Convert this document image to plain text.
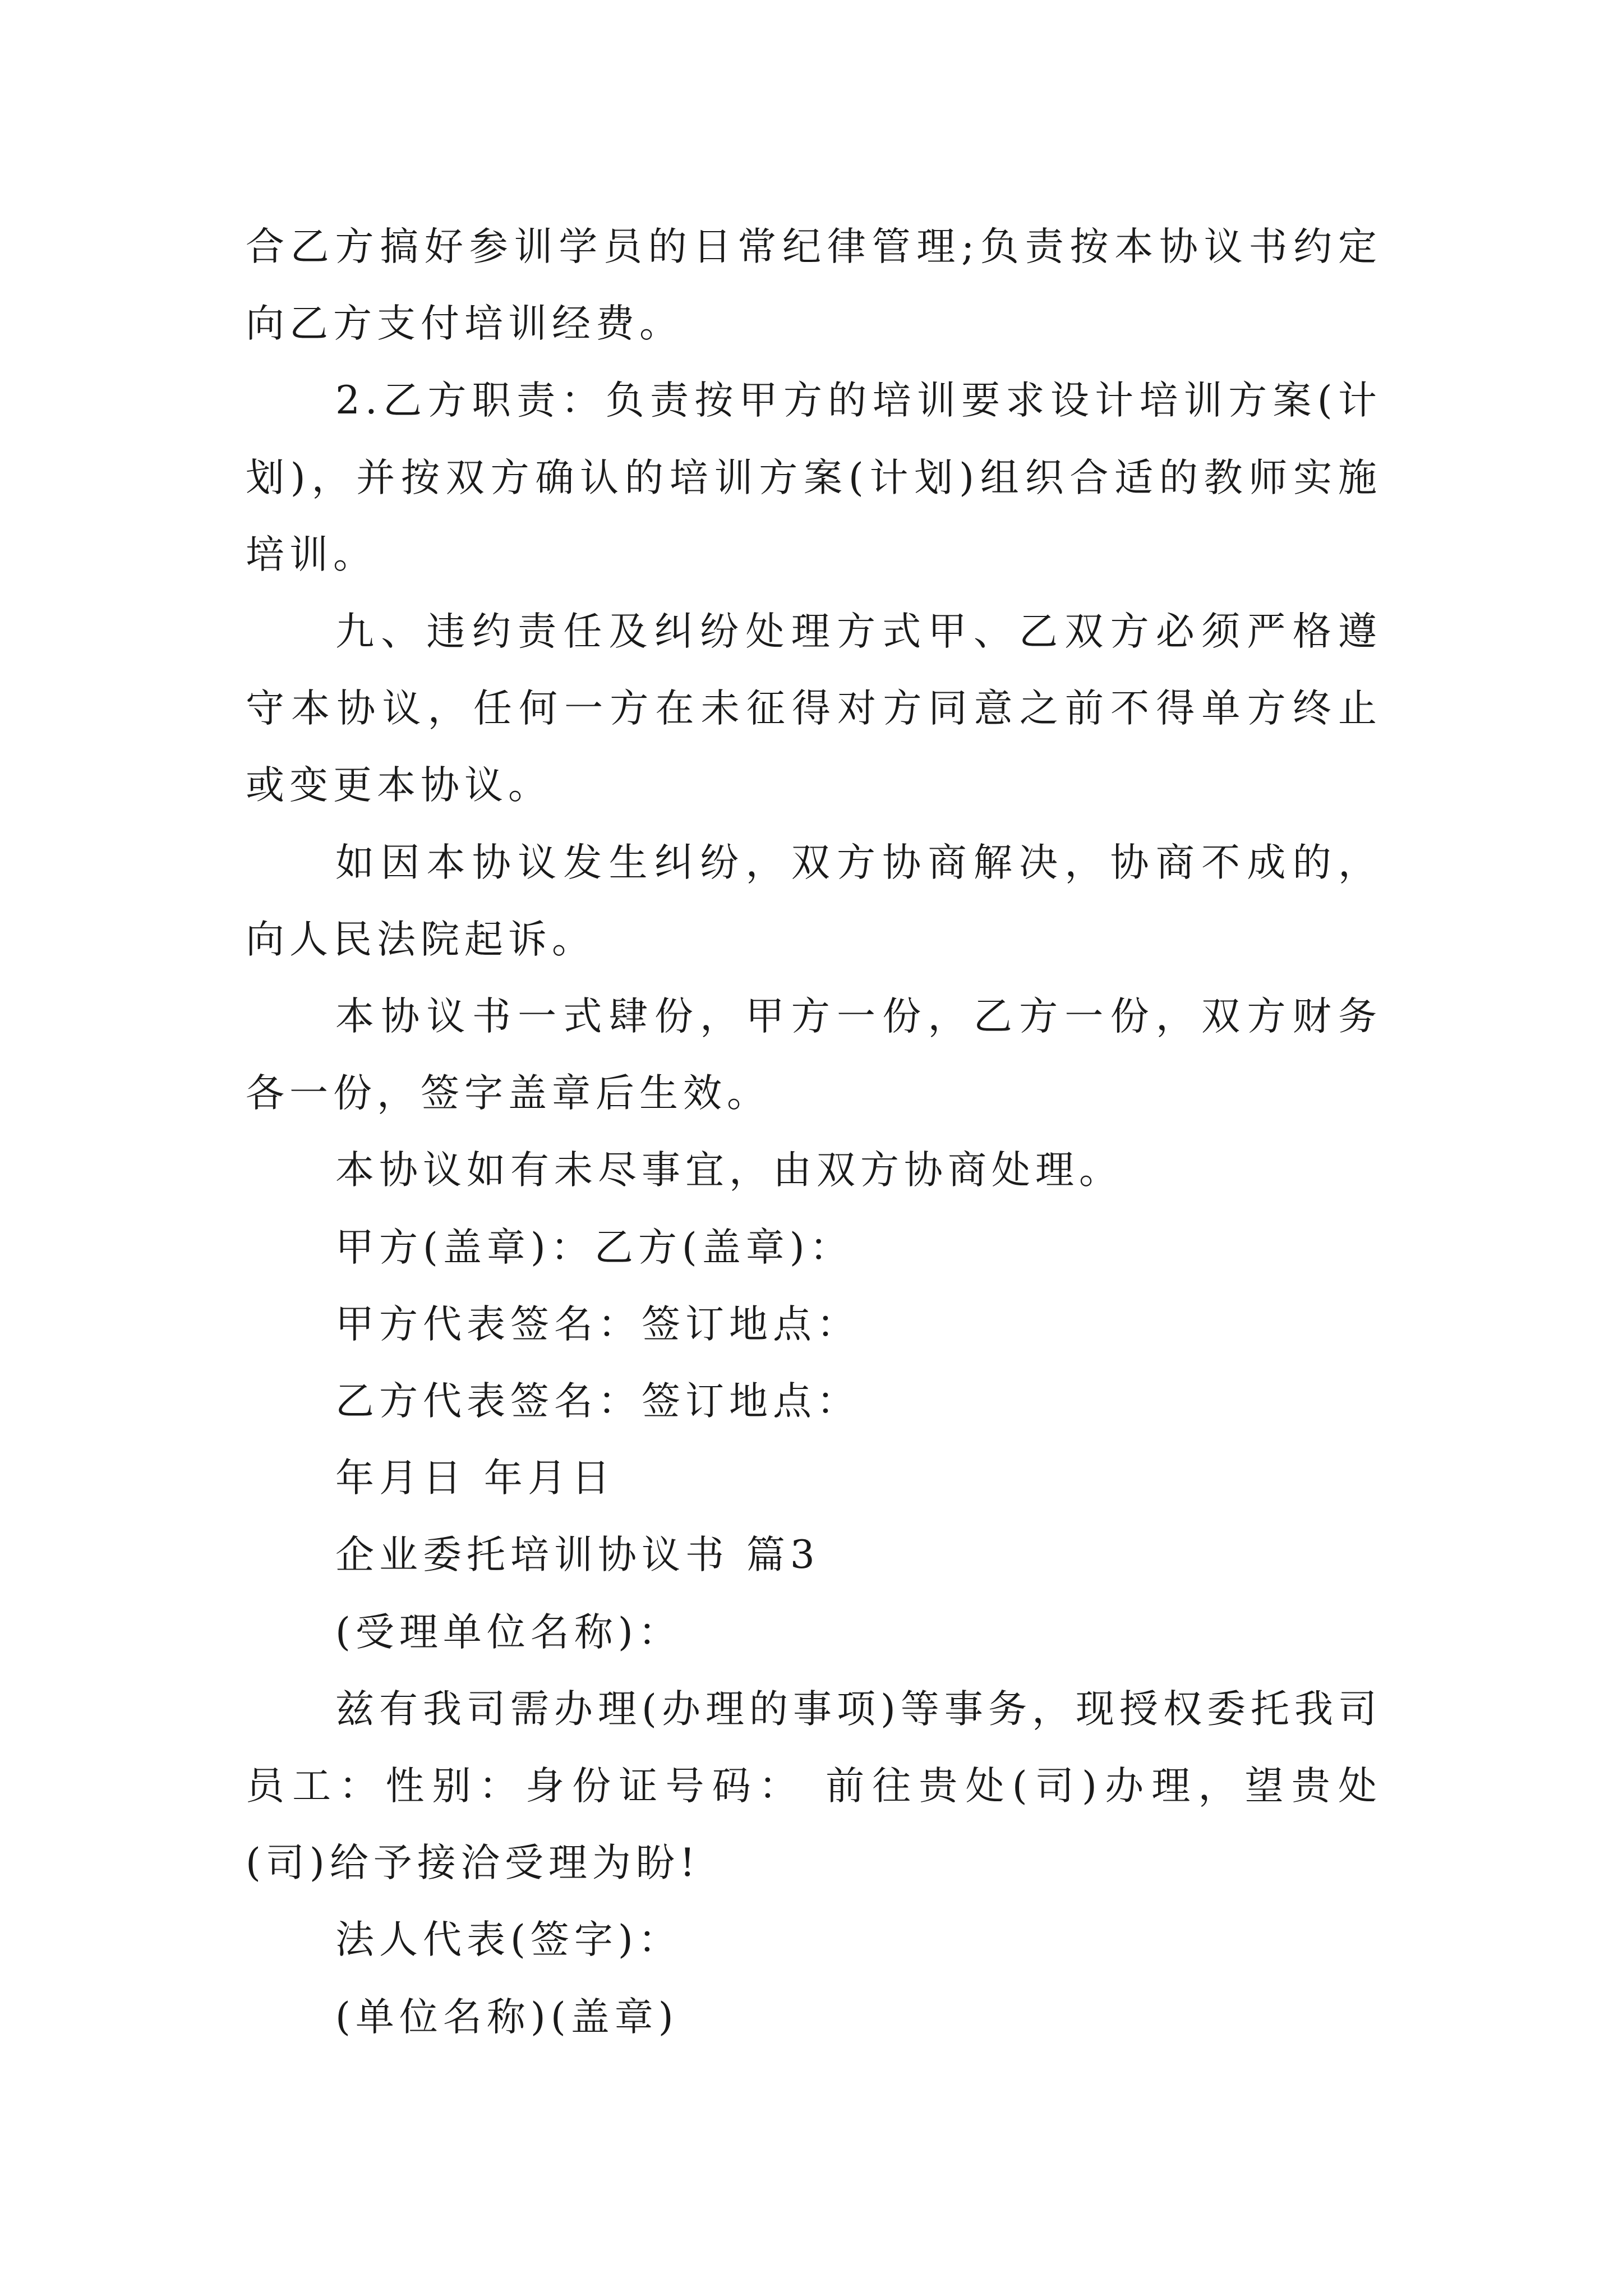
合乙方搞好参训学员的日常纪律管理;负责按本协议书约定向乙方支付培训经费。

2.乙方职责：负责按甲方的培训要求设计培训方案(计划)，并按双方确认的培训方案(计划)组织合适的教师实施培训。

九、违约责任及纠纷处理方式甲、乙双方必须严格遵守本协议，任何一方在未征得对方同意之前不得单方终止或变更本协议。

如因本协议发生纠纷，双方协商解决，协商不成的，向人民法院起诉。

本协议书一式肆份，甲方一份，乙方一份，双方财务各一份，签字盖章后生效。

本协议如有未尽事宜，由双方协商处理。

甲方(盖章)：乙方(盖章)：

甲方代表签名：签订地点：

乙方代表签名：签订地点：

年月日 年月日

企业委托培训协议书 篇3

(受理单位名称)：

兹有我司需办理(办理的事项)等事务，现授权委托我司员工：性别：身份证号码： 前往贵处(司)办理，望贵处(司)给予接洽受理为盼!

法人代表(签字)：

(单位名称)(盖章)
